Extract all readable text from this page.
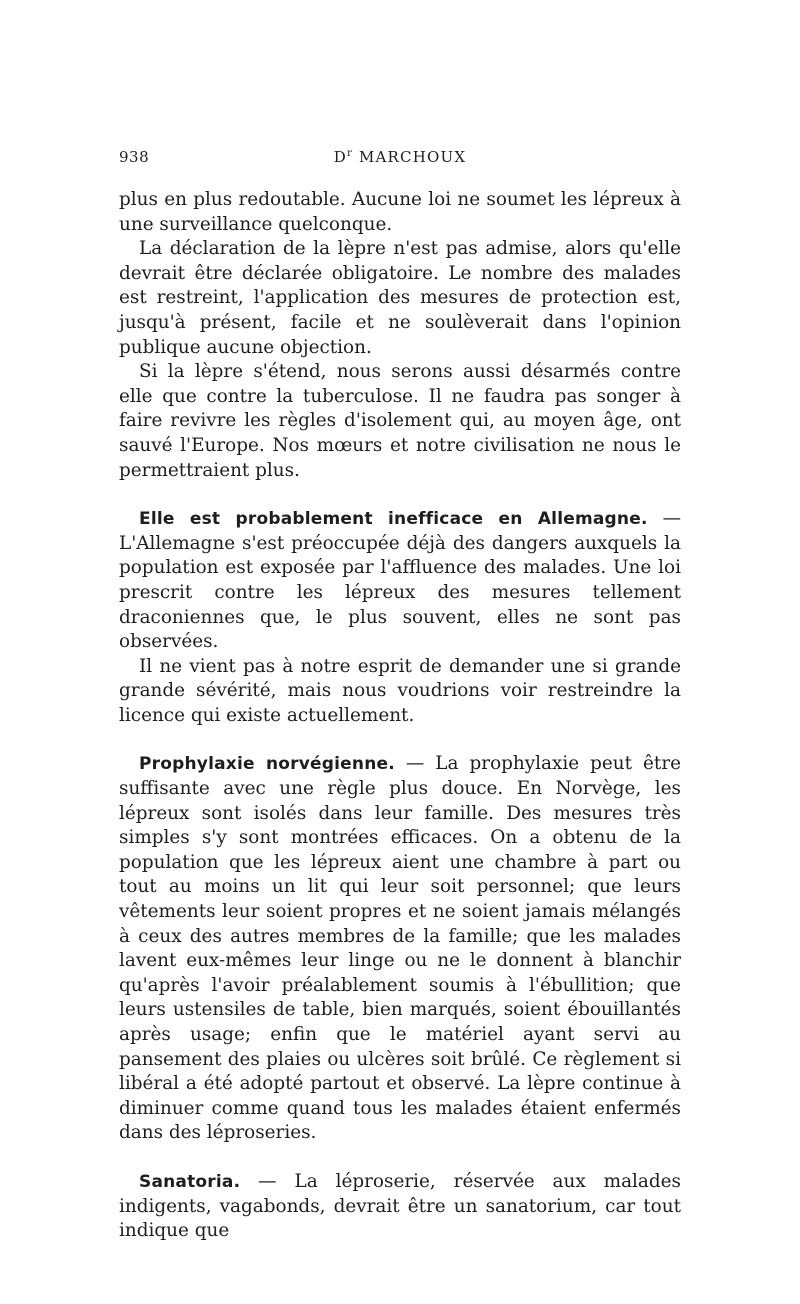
938	$D^r$ MARCHOUX

plus en plus redoutable. Aucune loi ne soumet les lépreux à une surveillance quelconque.

La déclaration de la lèpre n'est pas admise, alors qu'elle devrait être déclarée obligatoire. Le nombre des malades est restreint, l'application des mesures de protection est, jusqu'à présent, facile et ne soulèverait dans l'opinion publique aucune objection.

Si la lèpre s'étend, nous serons aussi désarmés contre elle que contre la tuberculose. Il ne faudra pas songer à faire revivre les règles d'isolement qui, au moyen âge, ont sauvé l'Europe. Nos mœurs et notre civilisation ne nous le permettraient plus.

Elle est probablement inefficace en Allemagne. — L'Allemagne s'est préoccupée déjà des dangers auxquels la population est exposée par l'affluence des malades. Une loi prescrit contre les lépreux des mesures tellement draconiennes que, le plus souvent, elles ne sont pas observées.

Il ne vient pas à notre esprit de demander une si grande grande sévérité, mais nous voudrions voir restreindre la licence qui existe actuellement.

Prophylaxie norvégienne. — La prophylaxie peut être suffisante avec une règle plus douce. En Norvège, les lépreux sont isolés dans leur famille. Des mesures très simples s'y sont montrées efficaces. On a obtenu de la population que les lépreux aient une chambre à part ou tout au moins un lit qui leur soit personnel; que leurs vêtements leur soient propres et ne soient jamais mélangés à ceux des autres membres de la famille; que les malades lavent eux-mêmes leur linge ou ne le donnent à blanchir qu'après l'avoir préalablement soumis à l'ébullition; que leurs ustensiles de table, bien marqués, soient ébouillantés après usage; enfin que le matériel ayant servi au pansement des plaies ou ulcères soit brûlé. Ce règlement si libéral a été adopté partout et observé. La lèpre continue à diminuer comme quand tous les malades étaient enfermés dans des léproseries.

Sanatoria. — La léproserie, réservée aux malades indigents, vagabonds, devrait être un sanatorium, car tout indique que
